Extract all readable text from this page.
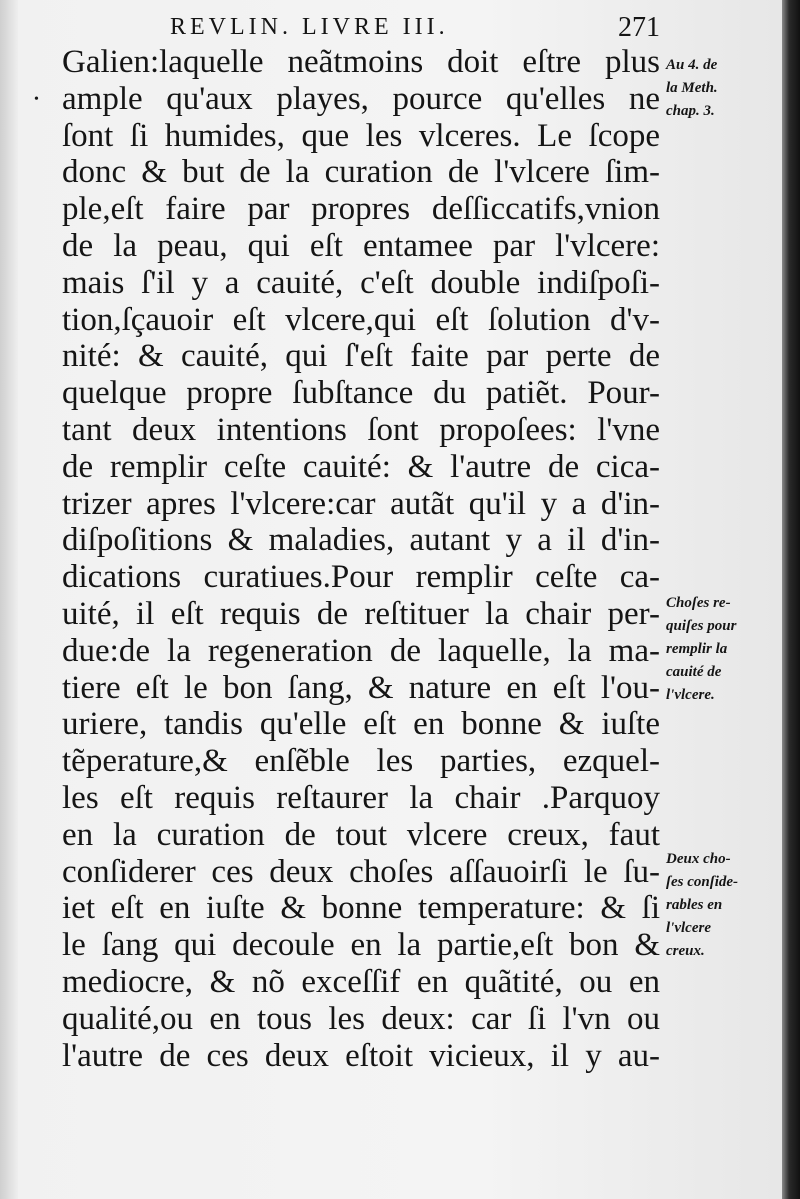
REVLIN. LIVRE III.	271
•
Galien:laquelle neãtmoins doit eſtre plus
ample qu'aux playes, pource qu'elles ne
ſont ſi humides, que les vlceres. Le ſcope
donc & but de la curation de l'vlcere ſim-
ple,eſt faire par propres deſſiccatifs,vnion
de la peau, qui eſt entamee par l'vlcere:
mais ſ'il y a cauité, c'eſt double indiſpoſi-
tion,ſçauoir eſt vlcere,qui eſt ſolution d'v-
nité: & cauité, qui ſ'eſt faite par perte de
quelque propre ſubſtance du patiẽt. Pour-
tant deux intentions ſont propoſees: l'vne
de remplir ceſte cauité: & l'autre de cica-
trizer apres l'vlcere:car autãt qu'il y a d'in-
diſpoſitions & maladies, autant y a il d'in-
dications curatiues.Pour remplir ceſte ca-
uité, il eſt requis de reſtituer la chair per-
due:de la regeneration de laquelle, la ma-
tiere eſt le bon ſang, & nature en eſt l'ou-
uriere, tandis qu'elle eſt en bonne & iuſte
tẽperature,& enſẽble les parties, ezquel-
les eſt requis reſtaurer la chair .Parquoy
en la curation de tout vlcere creux, faut
conſiderer ces deux choſes aſſauoirſi le ſu-
iet eſt en iuſte & bonne temperature: & ſi
le ſang qui decoule en la partie,eſt bon &
mediocre, & nõ exceſſif en quãtité, ou en
qualité,ou en tous les deux: car ſi l'vn ou
l'autre de ces deux eſtoit vicieux, il y au-
Au 4. de
la Meth.
chap. 3.
Choſes re-
quiſes pour
remplir la
cauité de
l'vlcere.
Deux cho-
ſes conſide-
rables en
l'vlcere
creux.
